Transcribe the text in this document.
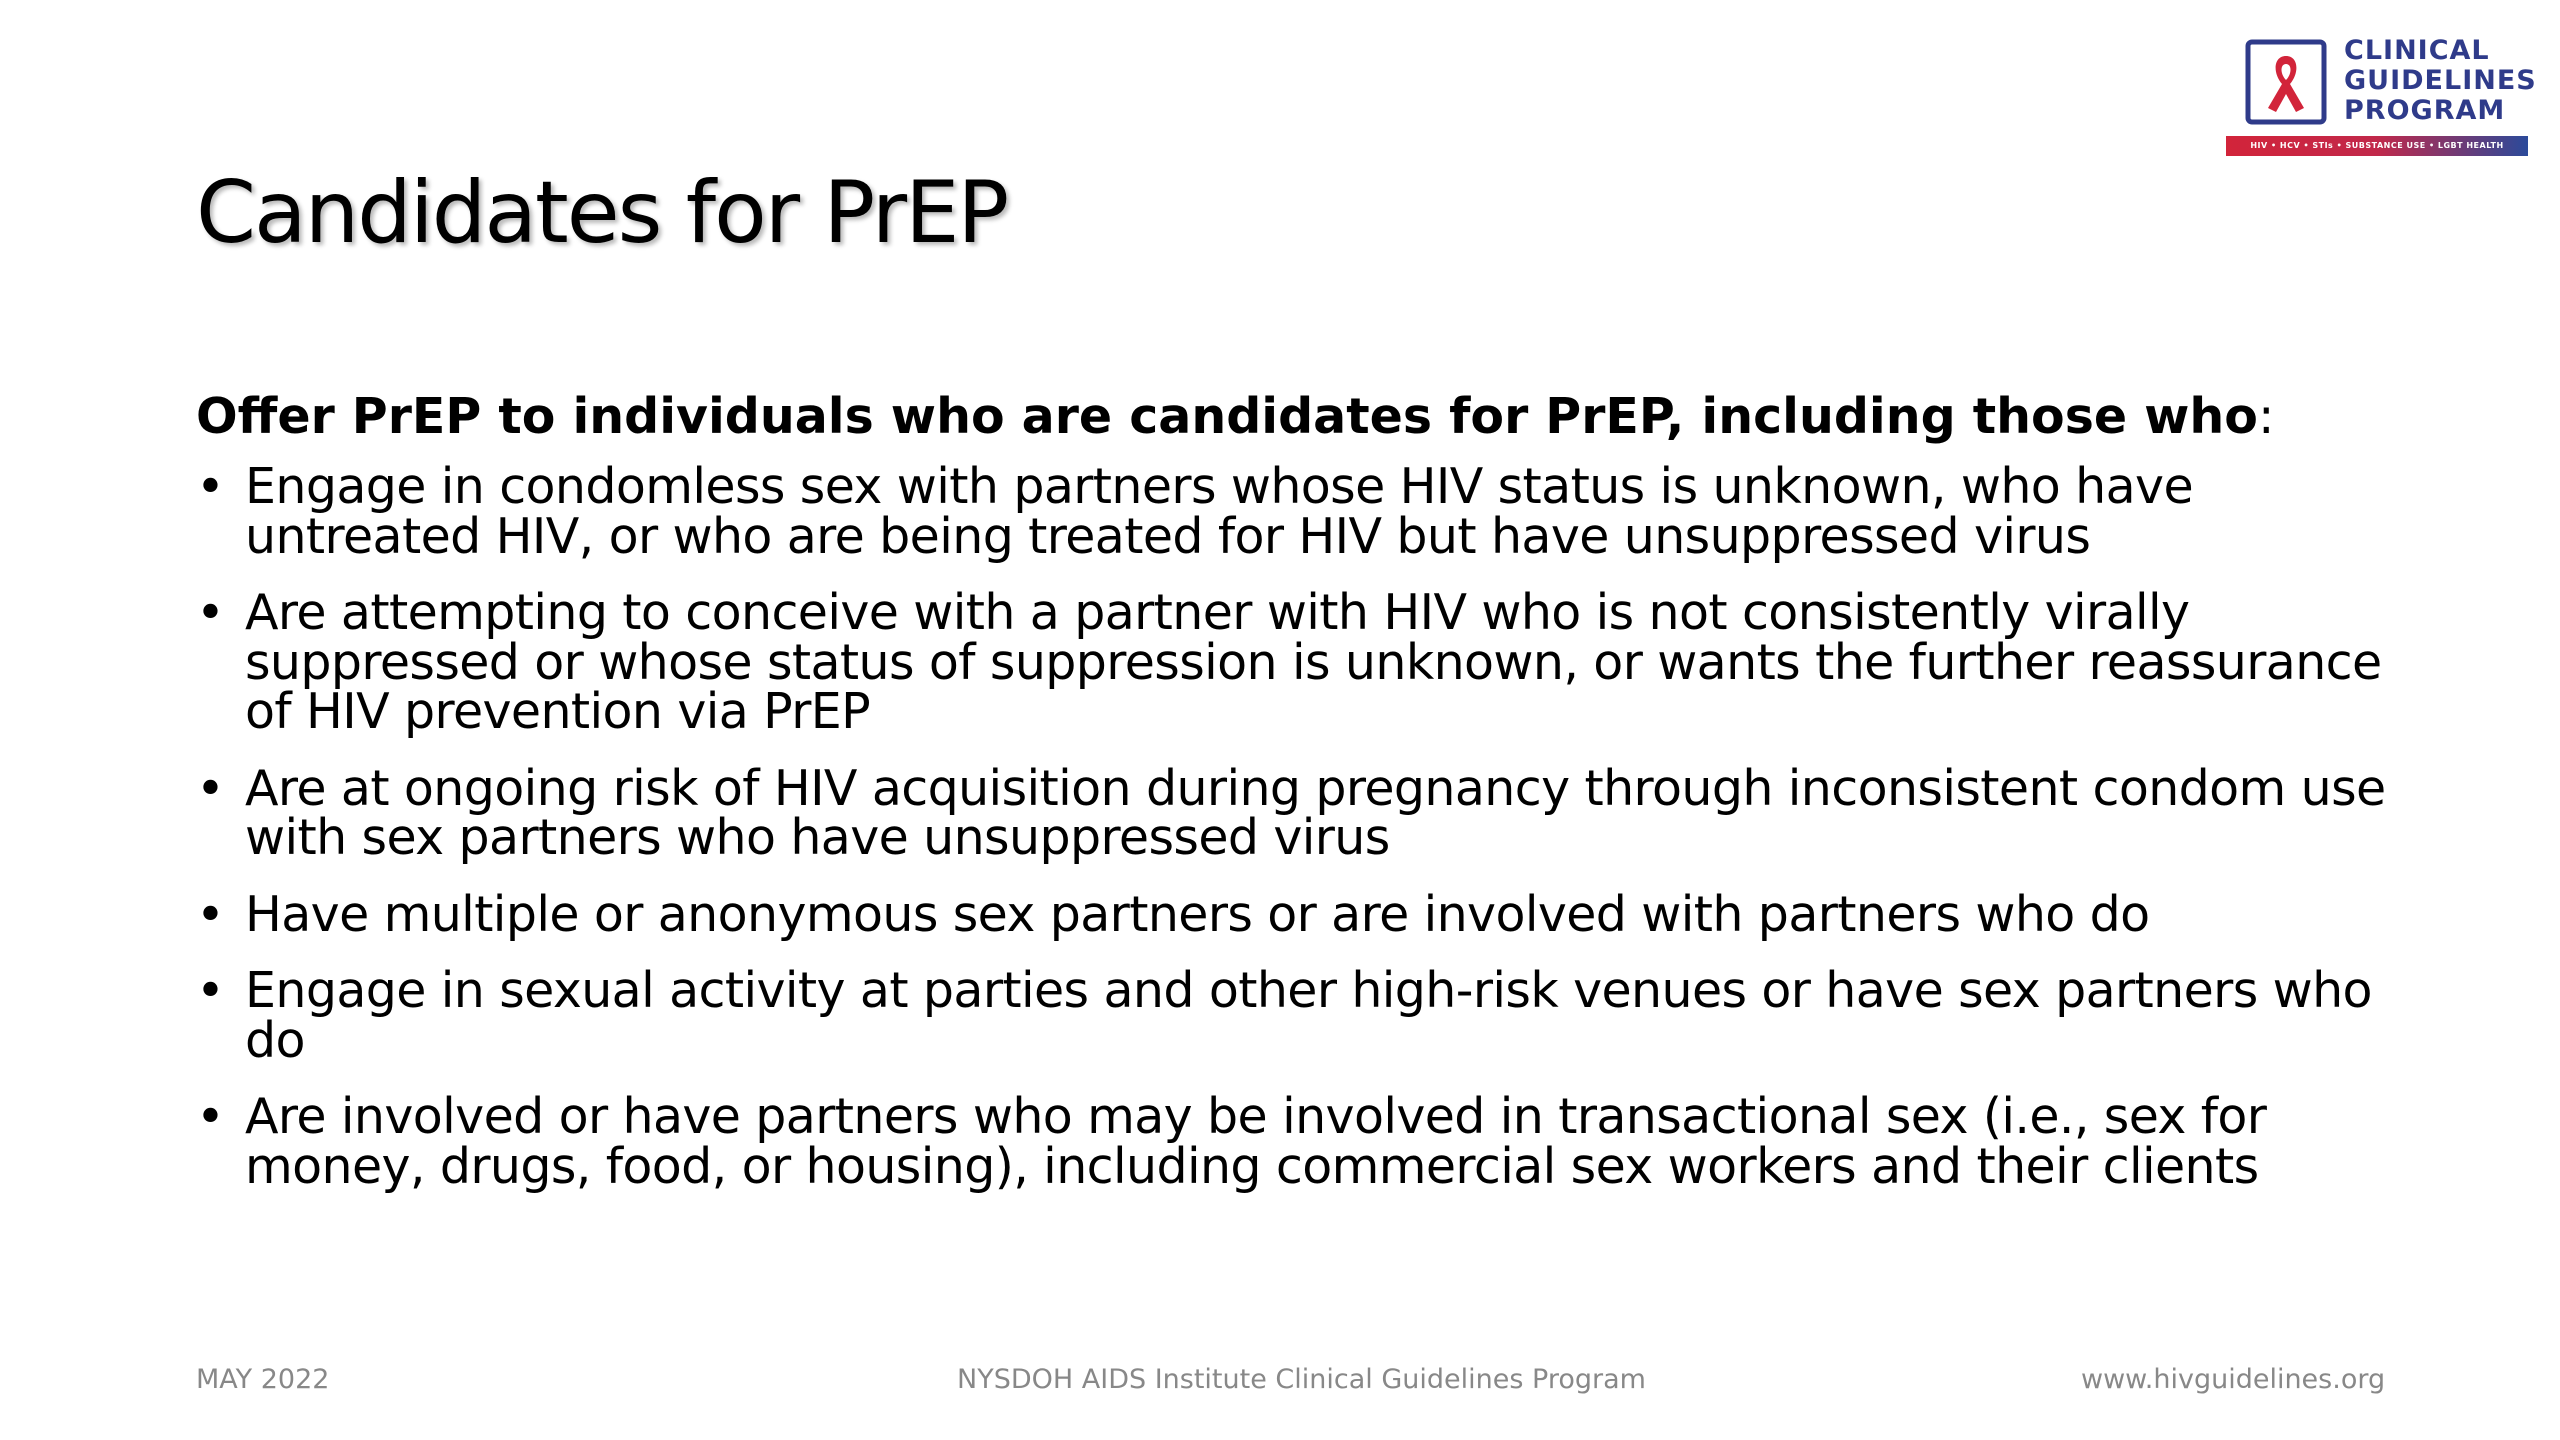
CLINICAL
GUIDELINES
PROGRAM
HIV • HCV • STIs • SUBSTANCE USE • LGBT HEALTH
Candidates for PrEP

Offer PrEP to individuals who are candidates for PrEP, including those who:

• Engage in condomless sex with partners whose HIV status is unknown, who have untreated HIV, or who are being treated for HIV but have unsuppressed virus
• Are attempting to conceive with a partner with HIV who is not consistently virally suppressed or whose status of suppression is unknown, or wants the further reassurance of HIV prevention via PrEP
• Are at ongoing risk of HIV acquisition during pregnancy through inconsistent condom use with sex partners who have unsuppressed virus
• Have multiple or anonymous sex partners or are involved with partners who do
• Engage in sexual activity at parties and other high-risk venues or have sex partners who do
• Are involved or have partners who may be involved in transactional sex (i.e., sex for money, drugs, food, or housing), including commercial sex workers and their clients
MAY 2022	NYSDOH AIDS Institute Clinical Guidelines Program	www.hivguidelines.org
